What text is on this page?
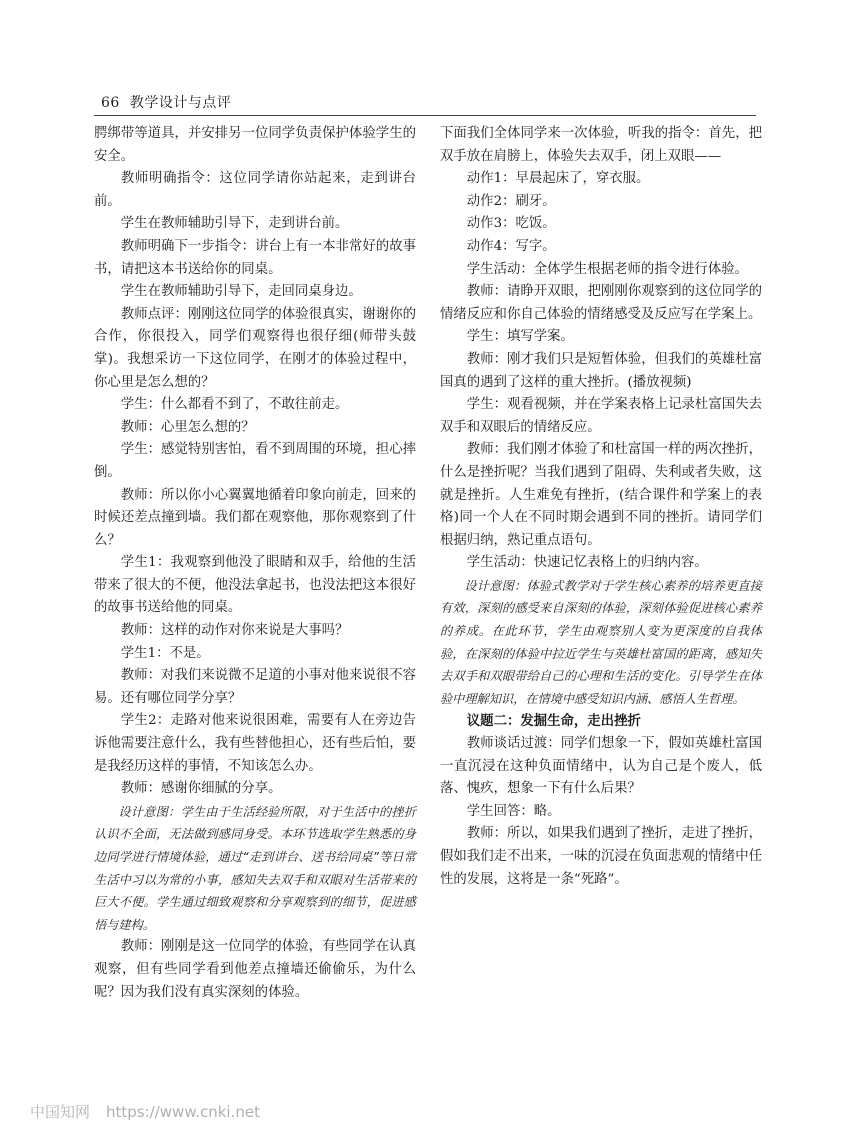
66 教学设计与点评

腭绑带等道具，并安排另一位同学负责保护体验学生的安全。

教师明确指令：这位同学请你站起来，走到讲台前。

学生在教师辅助引导下，走到讲台前。

教师明确下一步指令：讲台上有一本非常好的故事书，请把这本书送给你的同桌。

学生在教师辅助引导下，走回同桌身边。

教师点评：刚刚这位同学的体验很真实，谢谢你的合作，你很投入，同学们观察得也很仔细(师带头鼓掌)。我想采访一下这位同学，在刚才的体验过程中，你心里是怎么想的？

学生：什么都看不到了，不敢往前走。

教师：心里怎么想的？

学生：感觉特别害怕，看不到周围的环境，担心摔倒。

教师：所以你小心翼翼地循着印象向前走，回来的时候还差点撞到墙。我们都在观察他，那你观察到了什么？

学生1：我观察到他没了眼睛和双手，给他的生活带来了很大的不便，他没法拿起书，也没法把这本很好的故事书送给他的同桌。

教师：这样的动作对你来说是大事吗？

学生1：不是。

教师：对我们来说微不足道的小事对他来说很不容易。还有哪位同学分享？

学生2：走路对他来说很困难，需要有人在旁边告诉他需要注意什么，我有些替他担心，还有些后怕，要是我经历这样的事情，不知该怎么办。

教师：感谢你细腻的分享。

设计意图：学生由于生活经验所限，对于生活中的挫折认识不全面，无法做到感同身受。本环节选取学生熟悉的身边同学进行情境体验，通过“走到讲台、送书给同桌”等日常生活中习以为常的小事，感知失去双手和双眼对生活带来的巨大不便。学生通过细致观察和分享观察到的细节，促进感悟与建构。

教师：刚刚是这一位同学的体验，有些同学在认真观察，但有些同学看到他差点撞墙还偷偷乐，为什么呢？因为我们没有真实深刻的体验。

下面我们全体同学来一次体验，听我的指令：首先，把双手放在肩膀上，体验失去双手，闭上双眼——

动作1：早晨起床了，穿衣服。

动作2：刷牙。

动作3：吃饭。

动作4：写字。

学生活动：全体学生根据老师的指令进行体验。

教师：请睁开双眼，把刚刚你观察到的这位同学的情绪反应和你自己体验的情绪感受及反应写在学案上。

学生：填写学案。

教师：刚才我们只是短暂体验，但我们的英雄杜富国真的遇到了这样的重大挫折。(播放视频)

学生：观看视频，并在学案表格上记录杜富国失去双手和双眼后的情绪反应。

教师：我们刚才体验了和杜富国一样的两次挫折，什么是挫折呢？当我们遇到了阻碍、失利或者失败，这就是挫折。人生难免有挫折，(结合课件和学案上的表格)同一个人在不同时期会遇到不同的挫折。请同学们根据归纳，熟记重点语句。

学生活动：快速记忆表格上的归纳内容。

设计意图：体验式教学对于学生核心素养的培养更直接有效，深刻的感受来自深刻的体验，深刻体验促进核心素养的养成。在此环节，学生由观察别人变为更深度的自我体验，在深刻的体验中拉近学生与英雄杜富国的距离，感知失去双手和双眼带给自己的心理和生活的变化。引导学生在体验中理解知识，在情境中感受知识内涵、感悟人生哲理。

议题二：发掘生命，走出挫折

教师谈话过渡：同学们想象一下，假如英雄杜富国一直沉浸在这种负面情绪中，认为自己是个废人，低落、愧疚，想象一下有什么后果？

学生回答：略。

教师：所以，如果我们遇到了挫折，走进了挫折，假如我们走不出来，一味的沉浸在负面悲观的情绪中任性的发展，这将是一条“死路”。

中国知网 https://www.cnki.net
